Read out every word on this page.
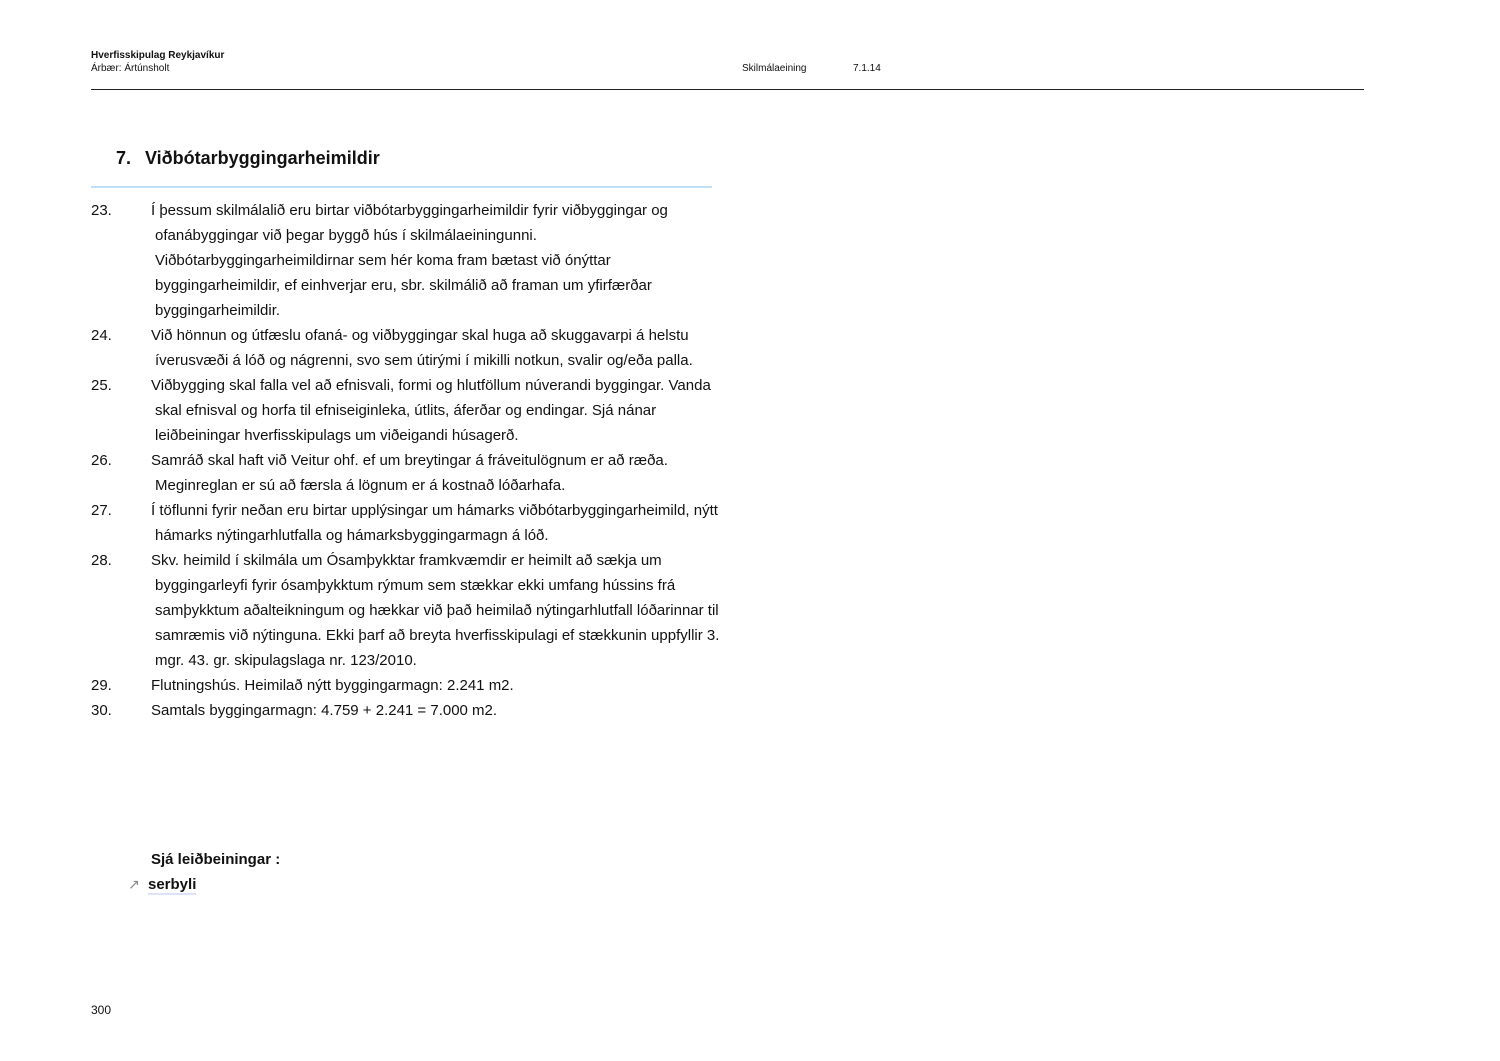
Hverfisskipulag Reykjavíkur
Árbær: Ártúnsholt	Skilmálaeining	7.1.14
7. Viðbótarbyggingarheimildir
23.	Í þessum skilmálalið eru birtar viðbótarbyggingarheimildir fyrir viðbyggingar og ofanábyggingar við þegar byggð hús í skilmálaeiningunni. Viðbótarbyggingarheimildirnar sem hér koma fram bætast við ónýttar byggingarheimildir, ef einhverjar eru, sbr. skilmálið að framan um yfirfærðar byggingarheimildir.
24.	Við hönnun og útfæslu ofaná- og viðbyggingar skal huga að skuggavarpi á helstu íverusvæði á lóð og nágrenni, svo sem útirými í mikilli notkun, svalir og/eða palla.
25.	Viðbygging skal falla vel að efnisvali, formi og hlutföllum núverandi byggingar. Vanda skal efnisval og horfa til efniseiginleka, útlits, áferðar og endingar. Sjá nánar leiðbeiningar hverfisskipulags um viðeigandi húsagerð.
26.	Samráð skal haft við Veitur ohf. ef um breytingar á fráveitulögnum er að ræða. Meginreglan er sú að færsla á lögnum er á kostnað lóðarhafa.
27.	Í töflunni fyrir neðan eru birtar upplýsingar um hámarks viðbótarbyggingarheimild, nýtt hámarks nýtingarhlutfalla og hámarksbyggingarmagn á lóð.
28.	Skv. heimild í skilmála um Ósamþykktar framkvæmdir er heimilt að sækja um byggingarleyfi fyrir ósamþykktum rýmum sem stækkar ekki umfang hússins frá samþykktum aðalteikningum og hækkar við það heimilað nýtingarhlutfall lóðarinnar til samræmis við nýtinguna. Ekki þarf að breyta hverfisskipulagi ef stækkunin uppfyllir 3. mgr. 43. gr. skipulagslaga nr. 123/2010.
29.	Flutningshús. Heimilað nýtt byggingarmagn: 2.241 m2.
30.	Samtals byggingarmagn: 4.759 + 2.241 = 7.000 m2.
Sjá leiðbeiningar :
↗ serbyli
300
